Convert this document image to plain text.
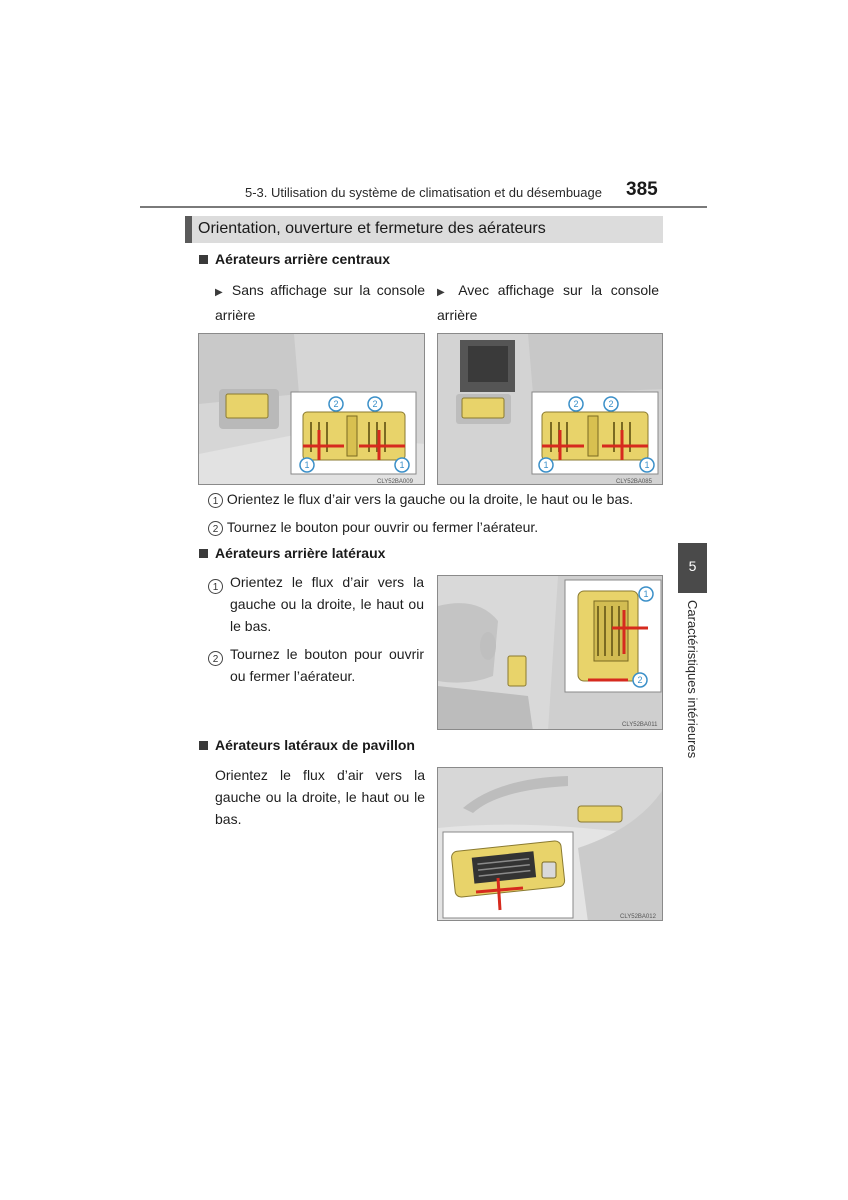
5-3. Utilisation du système de climatisation et du désembuage 385
Orientation, ouverture et fermeture des aérateurs
Aérateurs arrière centraux
▶ Sans affichage sur la console arrière
▶ Avec affichage sur la console arrière
2	2
1	1
CLY52BA009
2	2
1	1
CLY52BA085
1 Orientez le flux d’air vers la gauche ou la droite, le haut ou le bas.
2 Tournez le bouton pour ouvrir ou fermer l’aérateur.
Aérateurs arrière latéraux
1 Orientez le flux d’air vers la gauche ou la droite, le haut ou le bas.
2 Tournez le bouton pour ouvrir ou fermer l’aérateur.
1
2
CLY52BA011
Aérateurs latéraux de pavillon
Orientez le flux d’air vers la gauche ou la droite, le haut ou le bas.
CLY52BA012
5
Caractéristiques intérieures
